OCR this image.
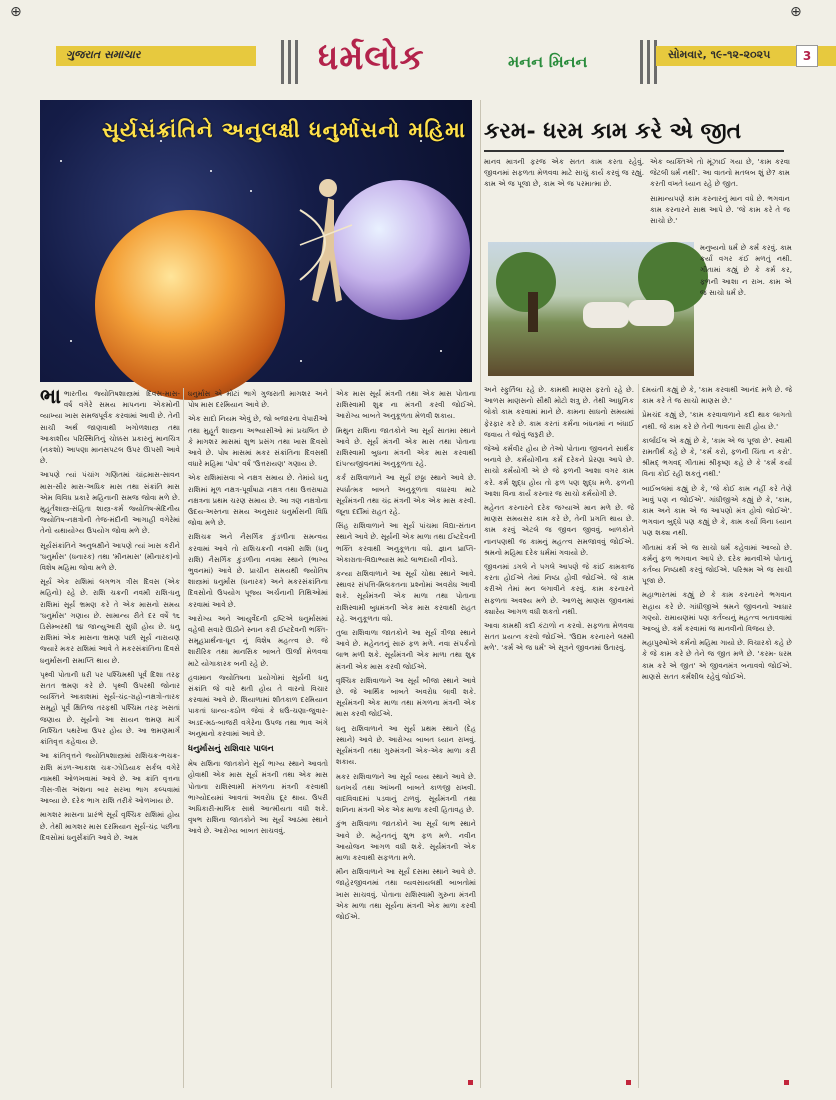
⊕	⊕
ગુજરાત સમાચાર	ધર્મલોક	મનન મિનન	સોમવાર, ૧૯-૧૨-૨૦૨૫	3
સૂર્યસંક્રાંતિને અનુલક્ષી ધનુર્માસનો મહિમા કરમ- ધરમ કામ કરે એ જીત

માનવ માત્રની ફરજ એક સતત કામ કરતા રહેવું. જીવનમાં સફળતા મેળવવા માટે સાચું કાર્ય કરવું જ રહ્યું. કામ એ જ પૂજા છે, કામ એ જ પરમાત્મા છે.

એક વ્યક્તિએ તો મૂંઝાઈ ગયા છે, 'કામ કરવા જેટલી ધર્મ નથી'. આ વાતનો મતલબ શું છે? કામ કરતી વખતે ધ્યાન રહે છે જીત.

સામાન્યપણે કામ કરનારનું માન વધે છે. ભગવાન કામ કરનારને સાથ આપે છે. 'જે કામ કરે તે જ સાચો છે.'

મનુષ્યનો ધર્મ છે કર્મ કરવું. કામ કર્યા વગર કંઈ મળતું નથી. ગીતામાં કહ્યું છે કે કર્મ કર, ફળની આશા ન રાખ. કામ એ જ સાચો ધર્મ છે.

ભાભારતીય જ્યોતિષશાસ્ત્રમાં દિવસ-માસ-વર્ષ વગેરે સમય માપનના એકમોની વ્યાખ્યા ખાસ સમજપૂર્વક કરવામાં આવી છે. તેની સાચી અર્થ જાણવાથી ખગોળશાસ્ત્ર તથા આકાશીય પરિસ્થિતિનું ચોક્કસ પ્રકારનું માનચિત્ર (નકશો) આપણા માનસપટલ ઉપર ઊપસી આવે છે.

આપણે ત્યાં પંચાંગ ગણિતમાં ચાંદ્રમાસ-સાવન માસ-સૌર માસ-અધિક માસ તથા સંક્રાંતિ માસ એમ વિવિધ પ્રકારે મહિનાની સમજ જોવા મળે છે. મુહૂર્તશાસ્ત્ર-સંહિતા શાસ્ત્ર-કર્મ જ્યોતિષ-મેદિનીય જ્યોતિષ-નક્ષત્રોની તેજ-મંદીની આગાહી વગેરેમાં તેનો યથાયોગ્ય ઉપયોગ જોવા મળે છે.

સૂર્યસંક્રાંતિને અનુલક્ષીને આપણે ત્યાં ખાસ કરીને 'ધનુર્માસ' (ધનારક) તથા 'મીનમાસ' (મીનારક)નો વિશેષ મહિમા જોવા મળે છે.

સૂર્ય એક રાશિમાં લગભગ ત્રીસ દિવસ (એક મહિનો) રહે છે. રાશિ ચક્રની નવમી રાશિ-ધનુ રાશિમાં સૂર્ય ભ્રમણ કરે તે એક માસનો સમય 'ધનુર્માસ' ગણાય છે. સામાન્ય રીતે દર વર્ષે ૧૬ ડિસેમ્બરથી ૧૪ જાન્યુઆરી સુધી હોય છે. ધનુ રાશિમાં એક માસના ભ્રમણ પછી સૂર્ય નારાયણ જ્યારે મકર રાશિમાં આવે તે મકરસંક્રાંતિના દિવસે ધનુર્માસની સમાપ્તિ થાય છે.

પૃથ્વી પોતાની ધરી પર પશ્ચિમથી પૂર્વ દિશા તરફ સતત ભ્રમણ કરે છે. પૃથ્વી ઉપરથી જોનાર વ્યક્તિને આકાશમાં સૂર્ય-ચંદ્ર-ગ્રહો-નક્ષત્રો-તારક સમૂહો પૂર્વ ક્ષિતિજ તરફથી પશ્ચિમ તરફ ખસતાં જણાય છે. સૂર્યનો આ સાયન ભ્રમણ માર્ગ નિશ્ચિત પથરેખા ઉપર હોય છે. આ ભ્રમણમાર્ગ ક્રાંતિવૃત્ત કહેવાય છે.

આ ક્રાંતિવૃત્તને જ્યોતિષશાસ્ત્રમાં રાશિચક્ર-ભચક્ર-રાશિ મંડળ-આકાશ ચક્ર-ઝોડિયાક સર્કલ વગેરે નામથી ઓળખવામાં આવે છે. આ ક્રાંતિ વૃત્તના ત્રીસ-ત્રીસ અંશના બાર સરખા ભાગ કલ્પવામાં આવ્યા છે. દરેક ભાગ રાશિ તરીકે ઓળખાય છે.

માગશર માસના પ્રારંભે સૂર્ય વૃશ્ચિક રાશિમાં હોય છે. તેથી માગશર માસ દરમિયાન સૂર્ય-ચંદ્ર પછીના દિવસોમાં ધનુર્સંક્રાંતિ આવે છે. આમ

ધનુર્માસ એ મોટાં ભાગે ગુજરાતી માગશર અને પોષ માસ દરમિયાન આવે છે.

એક સાદો નિયમ એવું છે, જો બજારના વેપારીઓ તથા મુહૂર્ત શાસ્ત્રના અભ્યાસીઓ માં પ્રચલિત છે કે માગશર માસમાં શુભ પ્રસંગ તથા ખાસ દિવસો આવે છે. પોષ માસમાં મકર સંક્રાંતિના દિવસથી વધારે મહિમા 'પોષ' વર્ષ 'ઉત્તરાયણ' ગણાય છે.

એક રાશિમાંસવા બે નક્ષત્ર સમાય છે. તેમાંયે ધનુ રાશિમાં મૂળ નક્ષત્ર-પૂર્વાષાઢા નક્ષત્ર તથા ઉત્તરાષાઢા નક્ષત્રના પ્રથમ ચરણ સમાય છે. આ ત્રણ નક્ષત્રોના ઉદય-અસ્તના સમય અનુસાર ધનુર્માસની વિધિ જોવા મળે છે.

રાશિચક્ર અને નૈસર્ગિક કુંડળીના સમન્વય કરવામાં આવે તો રાશિચક્રની નવમી રાશિ (ધનુ રાશિ) નૈસર્ગિક કુંડળીના નવમા સ્થાને (ભાગ્ય ભુવનમાં) આવે છે. પ્રાચીન સમયથી જ્યોતિષ શાસ્ત્રમાં ધનુર્માસ (ધનારક) અને મકરસંક્રાંતિના દિવસોનો ઉપયોગ પૂજ્ય અર્ચનાની તિથિઓમાં કરવામાં આવે છે.

આરોગ્ય અને આયુર્વેદની દ્રષ્ટિએ ધનુર્માસમાં વહેલી સવારે ઊઠીને સ્નાન કરી ઈષ્ટદેવની ભક્તિ-સમૂહપ્રાર્થના-ધૂન નું વિશેષ મહત્ત્વ છે. જે શારીરિક તથા માનસિક બાબતે ઊર્જા મેળવવા માટે યોગાકારક બની રહે છે.

હવામાન જ્યોતિષના પ્રયોગોમાં સૂર્યની ધનુ સંક્રાંતિ જે વારે થતી હોય તે વારનો વિચાર કરવામાં આવે છે. શિયાળામાં શીતકાળ દરમિયાન પાકતાં ધાન્ય-કઠોળ જેવાં કે ઘઉં-ચણા-જુવાર-અડદ-મઠ-બાજરી વગેરેના ઉપજ તથા ભાવ અંગે અનુમાનો કરવામાં આવે છે.

ધનુર્માસનું રાશિવાર પાલન

મેષ રાશિના જાતકોને સૂર્ય ભાગ્ય સ્થાને આવતો હોવાથી એક માસ સૂર્ય મંત્રની તથા એક માસ પોતાના રાશિસ્વામી મંગળના મંત્રની કરવાથી ભાગ્યોદયમાં આવતાં અવરોધ દૂર થાય. ઉપરી અધિકારી-માલિક સાથે આત્મીયતા વધી શકે. વૃષભ રાશિના જાતકોને આ સૂર્ય આઠમા સ્થાને આવે છે. આરોગ્ય બાબત સાચવવું.

એક માસ સૂર્ય મંત્રની તથા એક માસ પોતાના રાશિસ્વામી શુક્ર ના મંત્રની કરવી જોઈએ. આરોગ્ય બાબતે અનુકૂળતા મેળવી શકાય.

મિથુન રાશિના જાતકોને આ સૂર્ય સાતમા સ્થાને આવે છે. સૂર્ય મંત્રની એક માસ તથા પોતાના રાશિસ્વામી બુધના મંત્રની એક માસ કરવાથી દાંપત્યજીવનમાં અનુકૂળતા રહે.

કર્ક રાશિવાળાને આ સૂર્ય છઠ્ઠા સ્થાને આવે છે. સ્પર્ધાત્મક બાબતે અનુકૂળતા વધારવા માટે સૂર્યમંત્રની તથા ચંદ્ર મંત્રની એક એક માસ કરવી. જૂના દર્દીમાં રાહત રહે.

સિંહ રાશિવાળાને આ સૂર્ય પાંચમા વિદ્યા-સંતાન સ્થાને આવે છે. સૂર્યની એક માળા તથા ઈષ્ટદેવની ભક્તિ કરવાથી અનુકૂળતા વધે. જ્ઞાન પ્રાપ્તિ-એકાગ્રતા-વિદ્યાભ્યાસ માટે લાભદાયી નીવડે.

કન્યા રાશિવાળાને આ સૂર્ય ચોથા સ્થાને આવે. સ્થાવર સંપત્તિ-મિલકતના પ્રશ્નોમાં અવરોધ આવી શકે. સૂર્યમંત્રની એક માળા તથા પોતાના રાશિસ્વામી બુધમંત્રની એક માસ કરવાથી રાહત રહે. અનુકૂળતા વધે.

તુલા રાશિવાળા જાતકોને આ સૂર્ય ત્રીજા સ્થાને આવે છે. મહેનતનું સારું ફળ મળે. નવા સંપર્કનો લાભ મળી શકે. સૂર્યમંત્રની એક માળા તથા શુક્ર મંત્રની એક માસ કરવી જોઈએ.

વૃશ્ચિક રાશિવાળાને આ સૂર્ય બીજા સ્થાને આવે છે. જે આર્થિક બાબતે અવરોધ લાવી શકે. સૂર્યમંત્રની એક માળા તથા મંગળના મંત્રની એક માસ કરવી જોઈએ.

ધનુ રાશિવાળાને આ સૂર્ય પ્રથમ સ્થાને (દેહ સ્થાને) આવે છે. આરોગ્ય બાબત ધ્યાન રાખવું. સૂર્યમંત્રની તથા ગુરુમંત્રની એક-એક માળા કરી શકાય.

મકર રાશિવાળાને આ સૂર્ય વ્યય સ્થાને આવે છે. ધનખર્ચ તથા આંખની બાબતે કાળજી રાખવી. વાદવિવાદમાં પડવાનું ટાળવું. સૂર્યમંત્રની તથા શનિના મંત્રની એક એક માળા કરવી હિતાવહ છે.

કુંભ રાશિવાળા જાતકોને આ સૂર્ય લાભ સ્થાને આવે છે. મહેનતનું શુભ ફળ મળે. નવીન આયોજન આગળ વધી શકે. સૂર્યમંત્રની એક માળા કરવાથી સફળતા મળે.

મીન રાશિવાળાને આ સૂર્ય દસમા સ્થાને આવે છે. જાહેરજીવનમાં તથા વ્યવસાયલક્ષી બાબતોમાં ખાસ સાચવવું. પોતાના રાશિસ્વામી ગુરુના મંત્રની એક માળા તથા સૂર્યના મંત્રની એક માળા કરવી જોઈએ.

અને સ્ફુર્તિલા રહે છે. કામથી માણસ ફરતો રહે છે. આળસ માણસનો સૌથી મોટો શત્રુ છે. તેથી આધુનિક લોકો કામ કરવામાં માને છે. કામના સાધનો સમયમાં ફેરફાર કરે છે. કામ કરતાં કર્મના બંધનમાં ન બંધાઈ જવાય તે જોવું જરૂરી છે.

જેઓ કર્મવીર હોય છે તેઓ પોતાના જીવનને સાર્થક બનાવે છે. કર્મયોગીના કર્મ દરેકને પ્રેરણા આપે છે. સાચો કર્મયોગી એ છે જે ફળની આશા વગર કામ કરે. કર્મ શુદ્ધ હોય તો ફળ પણ શુદ્ધ મળે. ફળની આશા વિના કાર્ય કરનાર જ સાચો કર્મયોગી છે.

મહેનત કરનારને દરેક જગ્યાએ માન મળે છે. જે માણસ સમયસર કામ કરે છે, તેની પ્રગતિ થાય છે. કામ કરવું એટલે જ જીવન જીવવું. બાળકોને નાનપણથી જ કામનું મહત્ત્વ સમજાવવું જોઈએ. શ્રમનો મહિમા દરેક ધર્મમાં ગવાયો છે.

જીવનમાં ડગલે ને પગલે આપણે જે કાંઈ કામકાજ કરતા હોઈએ તેમાં નિષ્ઠા હોવી જોઈએ. જે કામ કરીએ તેમાં મન લગાવીને કરવું. કામ કરનારને સફળતા અવશ્ય મળે છે. આળસુ માણસ જીવનમાં ક્યારેય આગળ વધી શકતો નથી.

આવા કામથી કદી કંટાળો ન કરવો. સફળતા મેળવવા સતત પ્રયત્ન કરવો જોઈએ. 'ઉદ્યમ કરનારને લક્ષ્મી મળે'. 'કર્મ એ જ ધર્મ' એ સૂત્રને જીવનમાં ઉતારવું.

દમયંતી કહ્યું છે કે, 'કામ કરવાથી આનંદ મળે છે. જે કામ કરે તે જ સાચો માણસ છે.'

પ્રેમચંદ કહ્યું છે, 'કામ કરવાવાળાને કદી થાક લાગતો નથી. જે કામ કરે છે તેની ભાવના સારી હોય છે.'

કાર્લાઈલ એ કહ્યું છે કે, 'કામ એ જ પૂજા છે'. સ્વામી રામતીર્થ કહે છે કે, 'કર્મ કરો, ફળની ચિંતા ન કરો'. શ્રીમદ્ ભગવદ્ ગીતામાં શ્રીકૃષ્ણ કહે છે કે 'કર્મ કર્યા વિના કોઈ રહી શકતું નથી.'

બાઈબલમાં કહ્યું છે કે, 'જે કોઈ કામ નહીં કરે તેણે ખાવું પણ ન જોઈએ'. ગાંધીજીએ કહ્યું છે કે, 'કામ, કામ અને કામ એ જ આપણો મંત્ર હોવો જોઈએ'. ભગવાન બુદ્ધે પણ કહ્યું છે કે, કામ કર્યા વિના ધ્યાન પણ શક્ય નથી.

ગીતામાં કર્મ એ જ સાચો ધર્મ કહેવામાં આવ્યો છે. કર્મનું ફળ ભગવાન આપે છે. દરેક માનવીએ પોતાનું કર્તવ્ય નિષ્ઠાથી કરવું જોઈએ. પરિશ્રમ એ જ સાચી પૂજા છે.

મહાભારતમાં કહ્યું છે કે કામ કરનારને ભગવાન સહાય કરે છે. ગાંધીજીએ શ્રમને જીવનનો આધાર ગણ્યો. રામાયણમાં પણ કર્તવ્યનું મહત્ત્વ બતાવવામાં આવ્યું છે. કર્મ કરવામાં જ માનવીનો વિજય છે.

મહાપુરુષોએ કર્મનો મહિમા ગાયો છે. વિચારકો કહે છે કે જે કામ કરે છે તેને જ જીત મળે છે. 'કરમ- ધરમ કામ કરે એ જીત' એ જીવનમંત્ર બનાવવો જોઈએ. માણસે સતત કર્મશીલ રહેવું જોઈએ.
